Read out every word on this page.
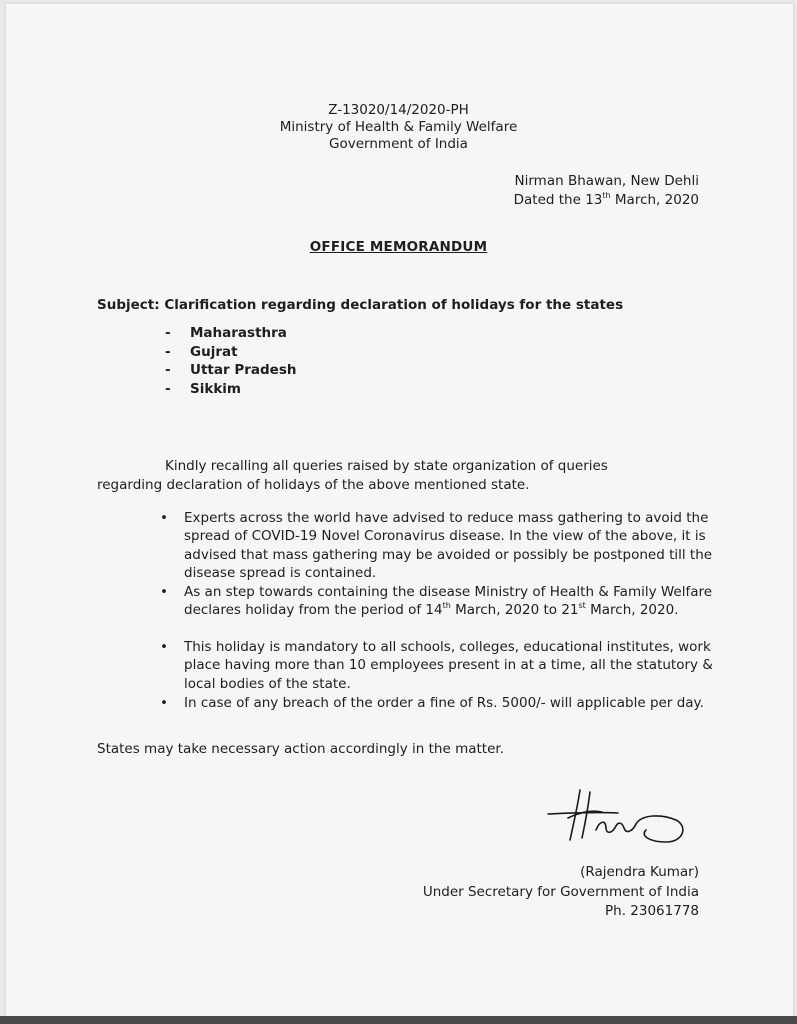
Z-13020/14/2020-PH
Ministry of Health & Family Welfare
Government of India
Nirman Bhawan, New Dehli
Dated the 13th March, 2020
OFFICE MEMORANDUM
Subject: Clarification regarding declaration of holidays for the states
- Maharasthra
- Gujrat
- Uttar Pradesh
- Sikkim
Kindly recalling all queries raised by state organization of queries
regarding declaration of holidays of the above mentioned state.
• Experts across the world have advised to reduce mass gathering to avoid the spread of COVID-19 Novel Coronavirus disease. In the view of the above, it is advised that mass gathering may be avoided or possibly be postponed till the disease spread is contained.
• As an step towards containing the disease Ministry of Health & Family Welfare declares holiday from the period of 14th March, 2020 to 21st March, 2020.
• This holiday is mandatory to all schools, colleges, educational institutes, work place having more than 10 employees present in at a time, all the statutory & local bodies of the state.
• In case of any breach of the order a fine of Rs. 5000/- will applicable per day.
States may take necessary action accordingly in the matter.
(Rajendra Kumar)
Under Secretary for Government of India
Ph. 23061778
